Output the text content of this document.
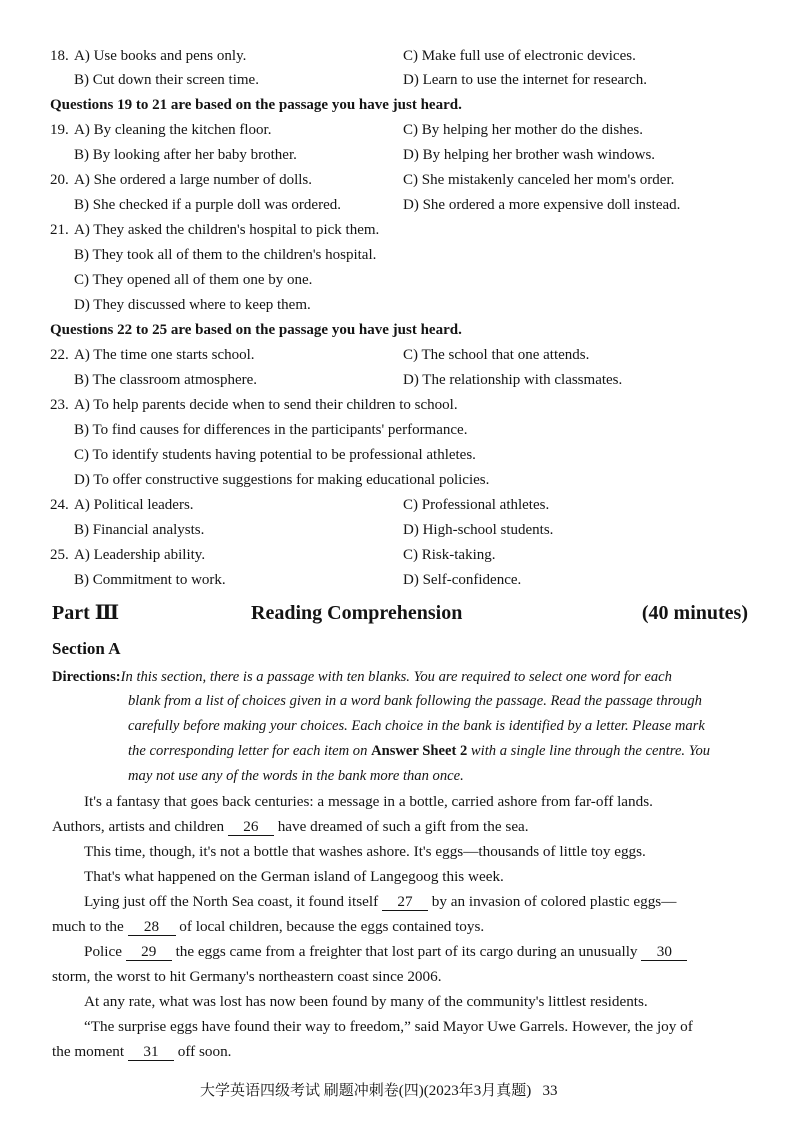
18. A) Use books and pens only.	C) Make full use of electronic devices.
B) Cut down their screen time.	D) Learn to use the internet for research.
Questions 19 to 21 are based on the passage you have just heard.
19. A) By cleaning the kitchen floor.	C) By helping her mother do the dishes.
B) By looking after her baby brother.	D) By helping her brother wash windows.
20. A) She ordered a large number of dolls.	C) She mistakenly canceled her mom's order.
B) She checked if a purple doll was ordered.	D) She ordered a more expensive doll instead.
21. A) They asked the children's hospital to pick them.
B) They took all of them to the children's hospital.
C) They opened all of them one by one.
D) They discussed where to keep them.
Questions 22 to 25 are based on the passage you have just heard.
22. A) The time one starts school.	C) The school that one attends.
B) The classroom atmosphere.	D) The relationship with classmates.
23. A) To help parents decide when to send their children to school.
B) To find causes for differences in the participants' performance.
C) To identify students having potential to be professional athletes.
D) To offer constructive suggestions for making educational policies.
24. A) Political leaders.	C) Professional athletes.
B) Financial analysts.	D) High-school students.
25. A) Leadership ability.	C) Risk-taking.
B) Commitment to work.	D) Self-confidence.
Part Ⅲ	Reading Comprehension	(40 minutes)
Section A
Directions:In this section, there is a passage with ten blanks. You are required to select one word for each
blank from a list of choices given in a word bank following the passage. Read the passage through
carefully before making your choices. Each choice in the bank is identified by a letter. Please mark
the corresponding letter for each item on Answer Sheet 2 with a single line through the centre. You
may not use any of the words in the bank more than once.
It's a fantasy that goes back centuries: a message in a bottle, carried ashore from far-off lands.
Authors, artists and children 26 have dreamed of such a gift from the sea.
This time, though, it's not a bottle that washes ashore. It's eggs—thousands of little toy eggs.
That's what happened on the German island of Langegoog this week.
Lying just off the North Sea coast, it found itself 27 by an invasion of colored plastic eggs—
much to the 28 of local children, because the eggs contained toys.
Police 29 the eggs came from a freighter that lost part of its cargo during an unusually 30
storm, the worst to hit Germany's northeastern coast since 2006.
At any rate, what was lost has now been found by many of the community's littlest residents.
“The surprise eggs have found their way to freedom,” said Mayor Uwe Garrels. However, the joy of
the moment 31 off soon.
大学英语四级考试 刷题冲刺卷(四)(2023年3月真题) 33
